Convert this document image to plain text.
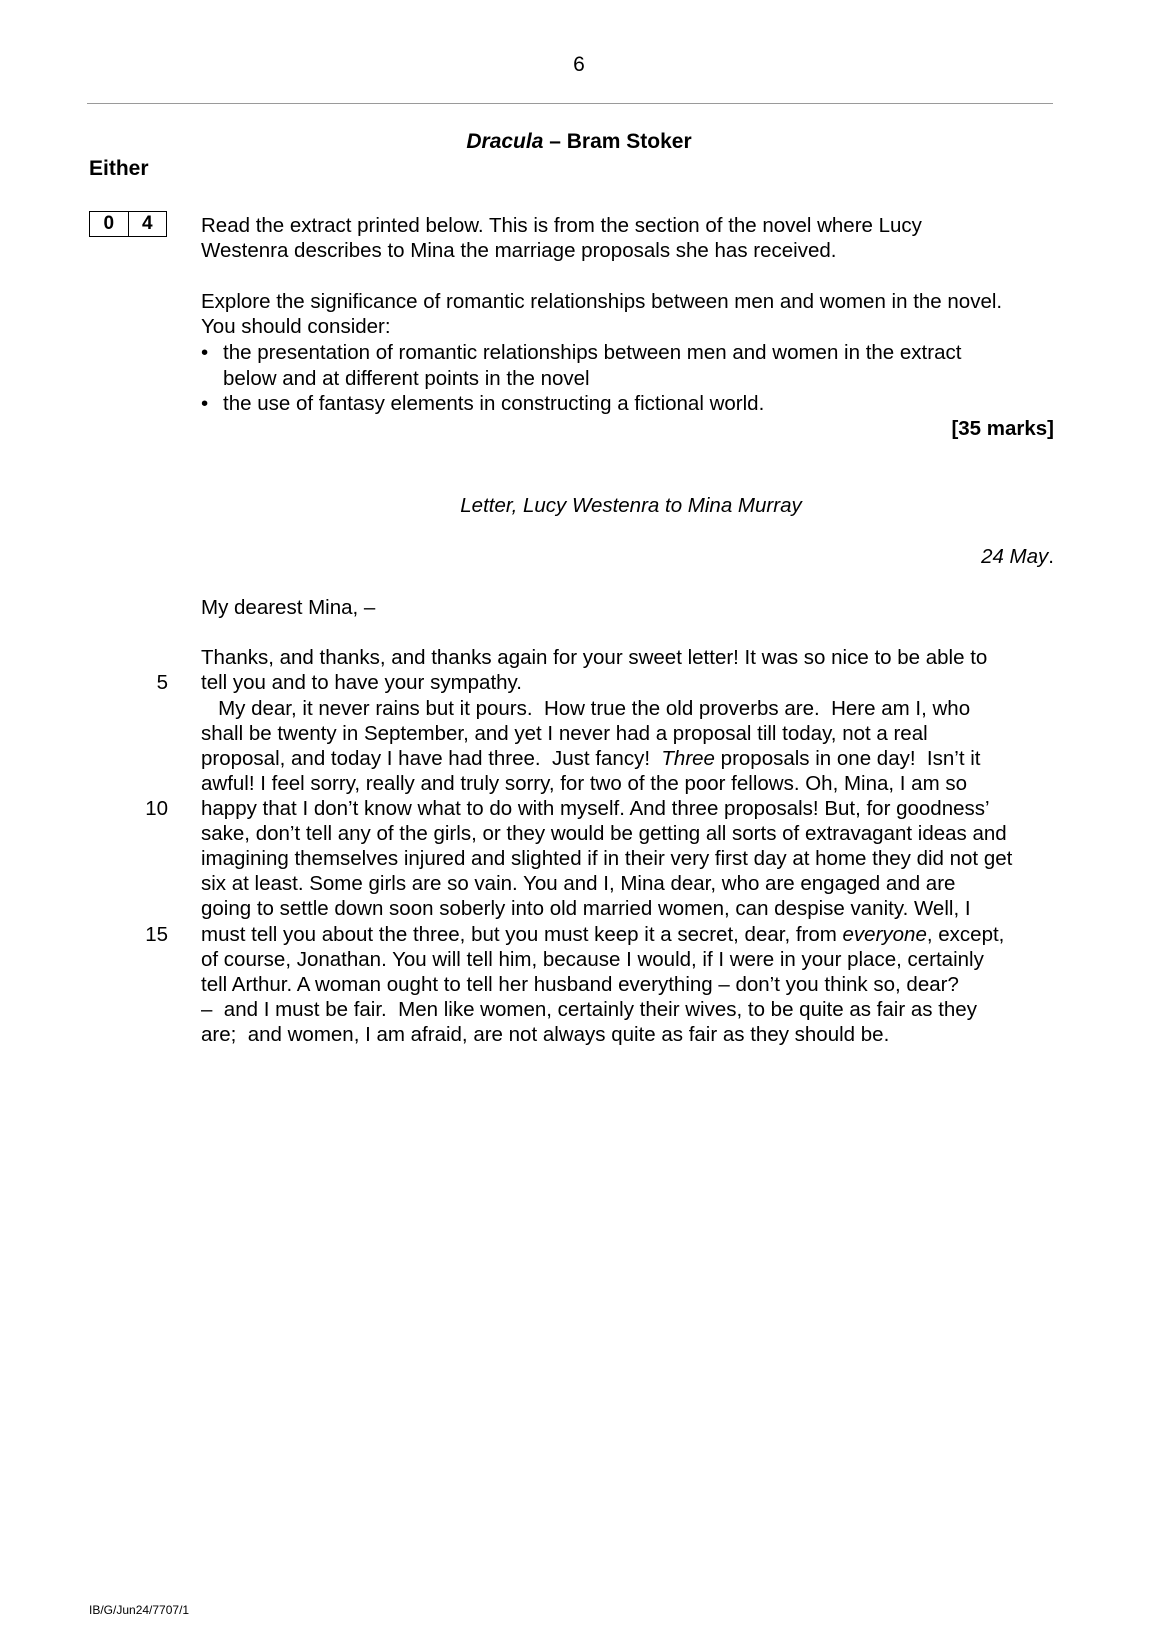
6
Dracula – Bram Stoker
Either
0	4	Read the extract printed below. This is from the section of the novel where Lucy
Westenra describes to Mina the marriage proposals she has received.
Explore the significance of romantic relationships between men and women in the novel.
You should consider:
• the presentation of romantic relationships between men and women in the extract
below and at different points in the novel
• the use of fantasy elements in constructing a fictional world.
[35 marks]
Letter, Lucy Westenra to Mina Murray
24 May.
My dearest Mina, –
Thanks, and thanks, and thanks again for your sweet letter! It was so nice to be able to
tell you and to have your sympathy.
My dear, it never rains but it pours.  How true the old proverbs are.  Here am I, who
shall be twenty in September, and yet I never had a proposal till today, not a real
proposal, and today I have had three.  Just fancy!  Three proposals in one day!  Isn’t it
awful! I feel sorry, really and truly sorry, for two of the poor fellows. Oh, Mina, I am so
happy that I don’t know what to do with myself. And three proposals! But, for goodness’
sake, don’t tell any of the girls, or they would be getting all sorts of extravagant ideas and
imagining themselves injured and slighted if in their very first day at home they did not get
six at least. Some girls are so vain. You and I, Mina dear, who are engaged and are
going to settle down soon soberly into old married women, can despise vanity. Well, I
must tell you about the three, but you must keep it a secret, dear, from everyone, except,
of course, Jonathan. You will tell him, because I would, if I were in your place, certainly
tell Arthur. A woman ought to tell her husband everything – don’t you think so, dear?
–  and I must be fair.  Men like women, certainly their wives, to be quite as fair as they
are;  and women, I am afraid, are not always quite as fair as they should be.
5
10
15
IB/G/Jun24/7707/1
